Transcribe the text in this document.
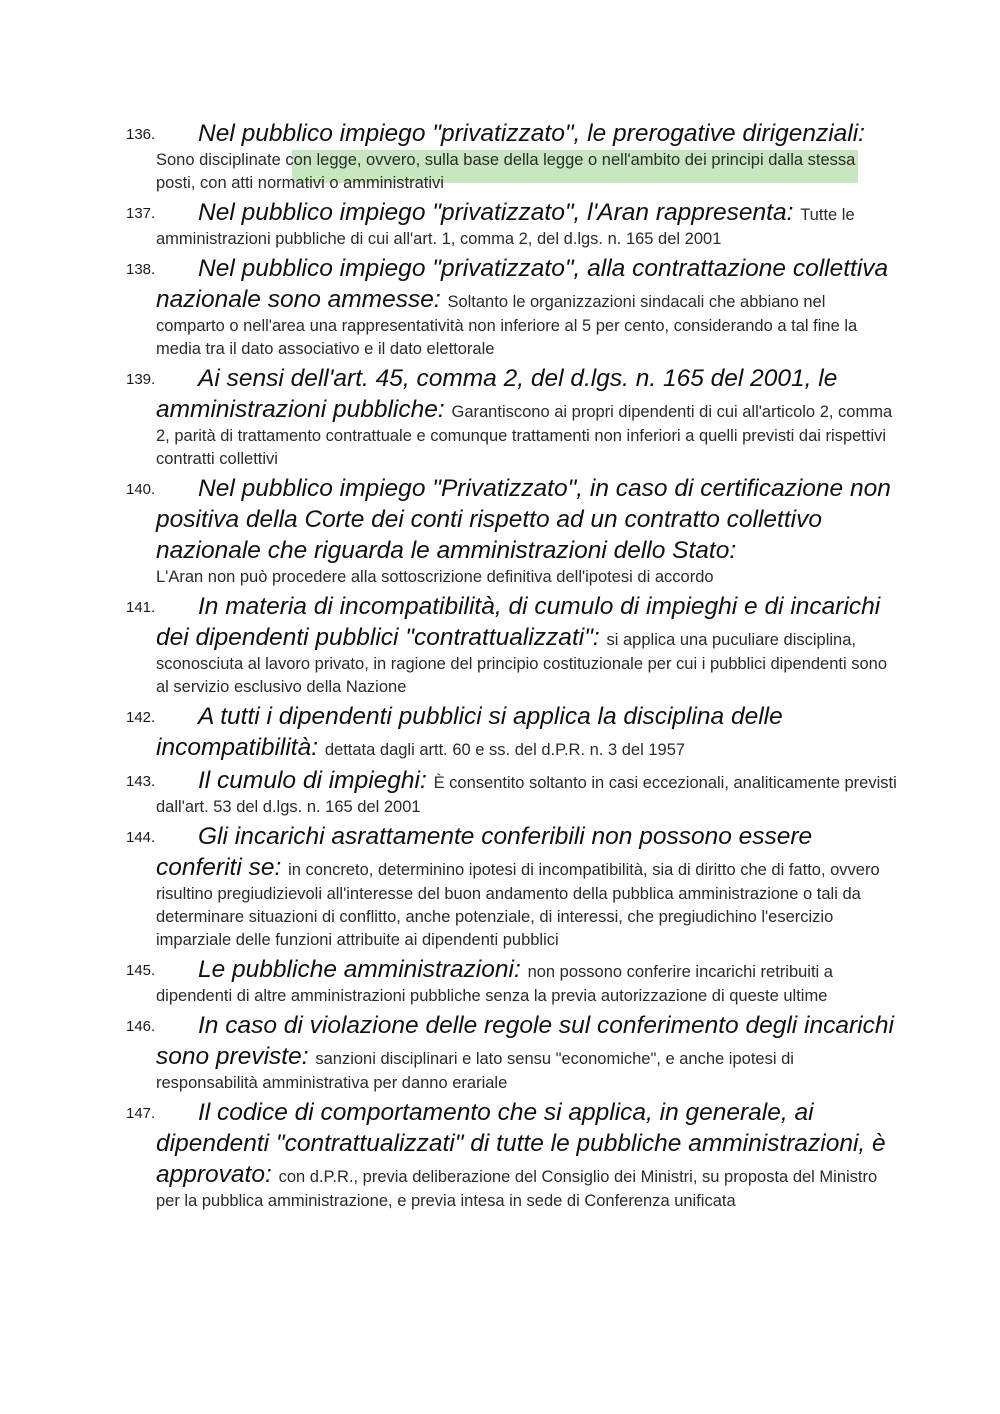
136.	Nel pubblico impiego "privatizzato", le prerogative dirigenziali:
Sono disciplinate con legge, ovvero, sulla base della legge o nell'ambito dei principi dalla stessa posti, con atti normativi o amministrativi
137.	Nel pubblico impiego "privatizzato", l'Aran rappresenta: Tutte le amministrazioni pubbliche di cui all'art. 1, comma 2, del d.lgs. n. 165 del 2001
138.	Nel pubblico impiego "privatizzato", alla contrattazione collettiva nazionale sono ammesse: Soltanto le organizzazioni sindacali che abbiano nel comparto o nell'area una rappresentatività non inferiore al 5 per cento, considerando a tal fine la media tra il dato associativo e il dato elettorale
139.	Ai sensi dell'art. 45, comma 2, del d.lgs. n. 165 del 2001, le amministrazioni pubbliche: Garantiscono ai propri dipendenti di cui all'articolo 2, comma 2, parità di trattamento contrattuale e comunque trattamenti non inferiori a quelli previsti dai rispettivi contratti collettivi
140.	Nel pubblico impiego "Privatizzato", in caso di certificazione non positiva della Corte dei conti rispetto ad un contratto collettivo nazionale che riguarda le amministrazioni dello Stato:
L'Aran non può procedere alla sottoscrizione definitiva dell'ipotesi di accordo
141.	In materia di incompatibilità, di cumulo di impieghi e di incarichi dei dipendenti pubblici "contrattualizzati": si applica una puculiare disciplina, sconosciuta al lavoro privato, in ragione del principio costituzionale per cui i pubblici dipendenti sono al servizio esclusivo della Nazione
142.	A tutti i dipendenti pubblici si applica la disciplina delle incompatibilità: dettata dagli artt. 60 e ss. del d.P.R. n. 3 del 1957
143.	Il cumulo di impieghi: È consentito soltanto in casi eccezionali, analiticamente previsti dall'art. 53 del d.lgs. n. 165 del 2001
144.	Gli incarichi asrattamente conferibili non possono essere conferiti se: in concreto, determinino ipotesi di incompatibilità, sia di diritto che di fatto, ovvero risultino pregiudizievoli all'interesse del buon andamento della pubblica amministrazione o tali da determinare situazioni di conflitto, anche potenziale, di interessi, che pregiudichino l'esercizio imparziale delle funzioni attribuite ai dipendenti pubblici
145.	Le pubbliche amministrazioni: non possono conferire incarichi retribuiti a dipendenti di altre amministrazioni pubbliche senza la previa autorizzazione di queste ultime
146.	In caso di violazione delle regole sul conferimento degli incarichi sono previste: sanzioni disciplinari e lato sensu "economiche", e anche ipotesi di responsabilità amministrativa per danno erariale
147.	Il codice di comportamento che si applica, in generale, ai dipendenti "contrattualizzati" di tutte le pubbliche amministrazioni, è approvato: con d.P.R., previa deliberazione del Consiglio dei Ministri, su proposta del Ministro per la pubblica amministrazione, e previa intesa in sede di Conferenza unificata
